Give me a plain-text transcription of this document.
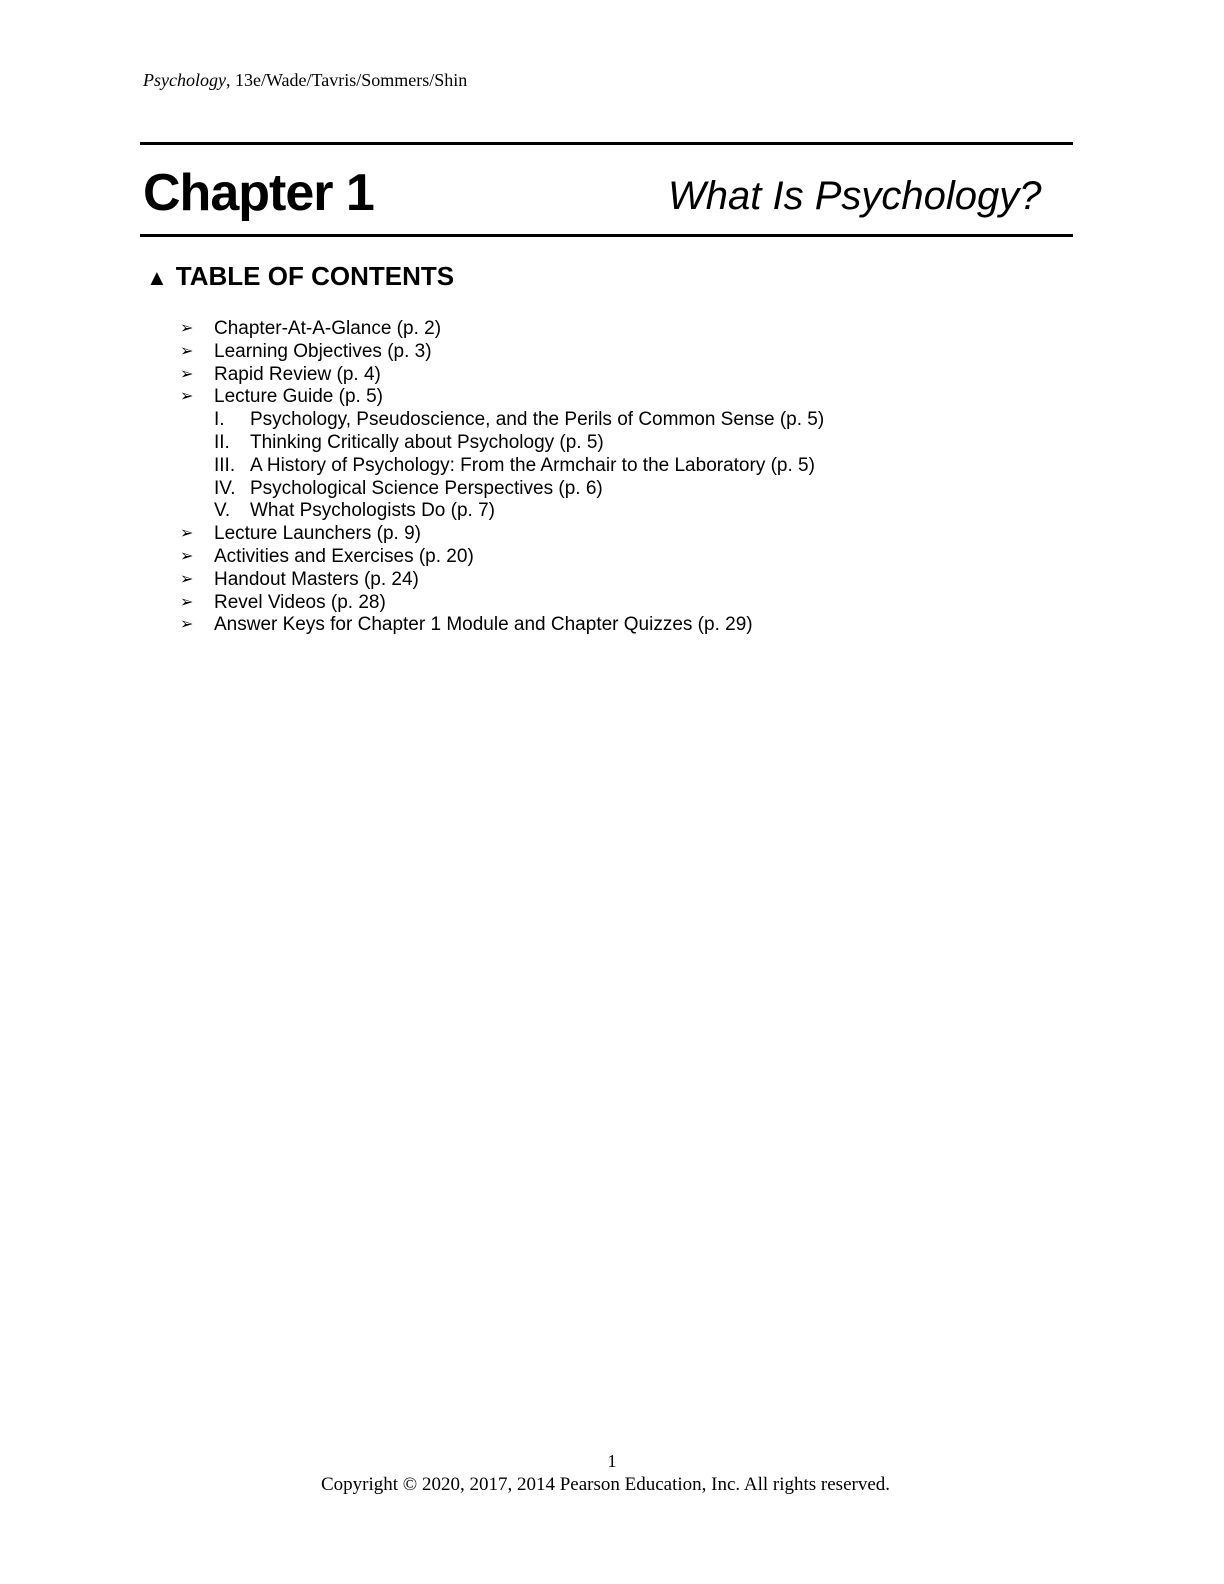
Psychology, 13e/Wade/Tavris/Sommers/Shin
Chapter 1	What Is Psychology?
▲ TABLE OF CONTENTS
➢ Chapter-At-A-Glance (p. 2)
➢ Learning Objectives (p. 3)
➢ Rapid Review (p. 4)
➢ Lecture Guide (p. 5)
I. Psychology, Pseudoscience, and the Perils of Common Sense (p. 5)
II. Thinking Critically about Psychology (p. 5)
III. A History of Psychology: From the Armchair to the Laboratory (p. 5)
IV. Psychological Science Perspectives (p. 6)
V. What Psychologists Do (p. 7)
➢ Lecture Launchers (p. 9)
➢ Activities and Exercises (p. 20)
➢ Handout Masters (p. 24)
➢ Revel Videos (p. 28)
➢ Answer Keys for Chapter 1 Module and Chapter Quizzes (p. 29)
1
Copyright © 2020, 2017, 2014 Pearson Education, Inc. All rights reserved.
